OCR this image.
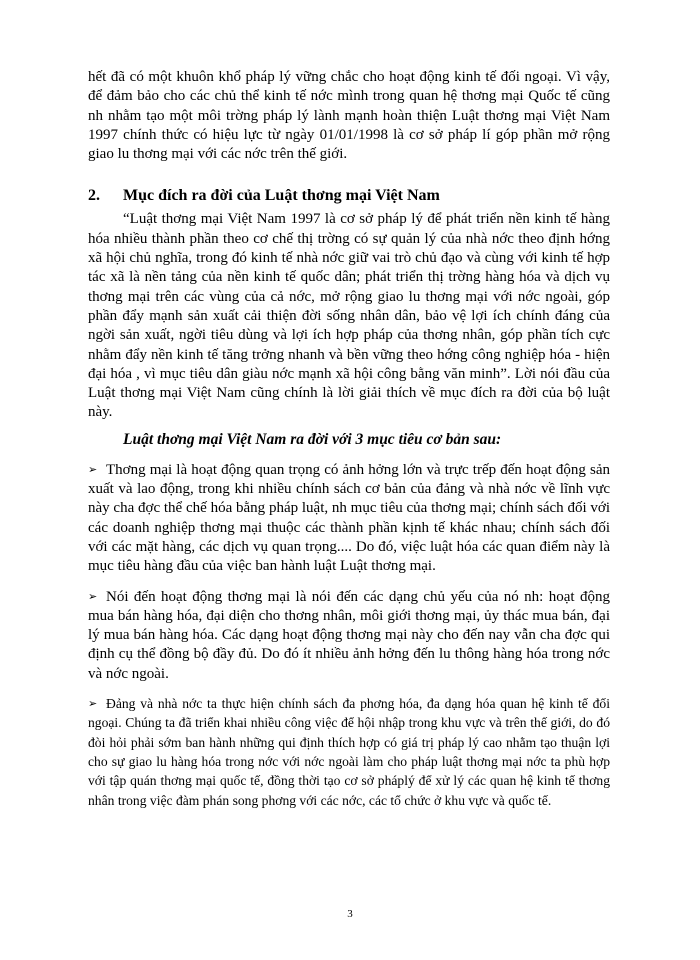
hết đã có một khuôn khổ pháp lý vững chắc cho hoạt động kinh tế đối ngoại. Vì vậy, để đảm bảo cho các chủ thể kinh tế nớc mình trong quan hệ thơng mại Quốc tế cũng nh nhằm tạo một môi trờng pháp lý lành mạnh hoàn thiện Luật thơng mại Việt Nam 1997 chính thức có hiệu lực từ ngày 01/01/1998 là cơ sở pháp lí góp phần mở rộng giao lu thơng mại với các nớc trên thế giới.

2.	Mục đích ra đời của Luật thơng mại Việt Nam

“Luật thơng mại Việt Nam 1997 là cơ sở pháp lý để phát triển nền kinh tế hàng hóa nhiều thành phần theo cơ chế thị trờng có sự quản lý của nhà nớc theo định hớng xã hội chủ nghĩa, trong đó kinh tế nhà nớc giữ vai trò chủ đạo và cùng với kinh tế hợp tác xã là nền tảng của nền kinh tế quốc dân; phát triển thị trờng hàng hóa và dịch vụ thơng mại trên các vùng của cả nớc, mở rộng giao lu thơng mại với nớc ngoài, góp phần đẩy mạnh sản xuất cải thiện đời sống nhân dân, bảo vệ lợi ích chính đáng của ngời sản xuất, ngời tiêu dùng và lợi ích hợp pháp của thơng nhân, góp phần tích cực nhằm đẩy nền kinh tế tăng trởng nhanh và bền vững theo hớng công nghiệp hóa - hiện đại hóa , vì mục tiêu dân giàu nớc mạnh xã hội công bằng văn minh”. Lời nói đầu của Luật thơng mại Việt Nam cũng chính là lời giải thích về mục đích ra đời của bộ luật này.

Luật thơng mại Việt Nam ra đời với 3 mục tiêu cơ bản sau:

➢ Thơng mại là hoạt động quan trọng có ảnh hởng lớn và trực trếp đến hoạt động sản xuất và lao động, trong khi nhiều chính sách cơ bản của đảng và nhà nớc về lĩnh vực này cha đợc thể chế hóa bằng pháp luật, nh mục tiêu của thơng mại; chính sách đối với các doanh nghiệp thơng mại thuộc các thành phần kịnh tế khác nhau; chính sách đối với các mặt hàng, các dịch vụ quan trọng.... Do đó, việc luật hóa các quan điểm này là mục tiêu hàng đầu của việc ban hành luật Luật thơng mại.

➢ Nói đến hoạt động thơng mại là nói đến các dạng chủ yếu của nó nh: hoạt động mua bán hàng hóa, đại diện cho thơng nhân, môi giới thơng mại, ủy thác mua bán, đại lý mua bán hàng hóa. Các dạng hoạt động thơng mại này cho đến nay vẫn cha đợc qui định cụ thể đồng bộ đầy đủ. Do đó ít nhiều ảnh hởng đến lu thông hàng hóa trong nớc và nớc ngoài.

➢ Đảng và nhà nớc ta thực hiện chính sách đa phơng hóa, đa dạng hóa quan hệ kinh tế đối ngoại. Chúng ta đã triển khai nhiều công việc để hội nhập trong khu vực và trên thế giới, do đó đòi hỏi phải sớm ban hành những qui định thích hợp có giá trị pháp lý cao nhằm tạo thuận lợi cho sự giao lu hàng hóa trong nớc với nớc ngoài làm cho pháp luật thơng mại nớc ta phù hợp với tập quán thơng mại quốc tế, đồng thời tạo cơ sở pháplý để xử lý các quan hệ kinh tế thơng nhân trong việc đàm phán song phơng với các nớc, các tổ chức ở khu vực và quốc tế.

3
